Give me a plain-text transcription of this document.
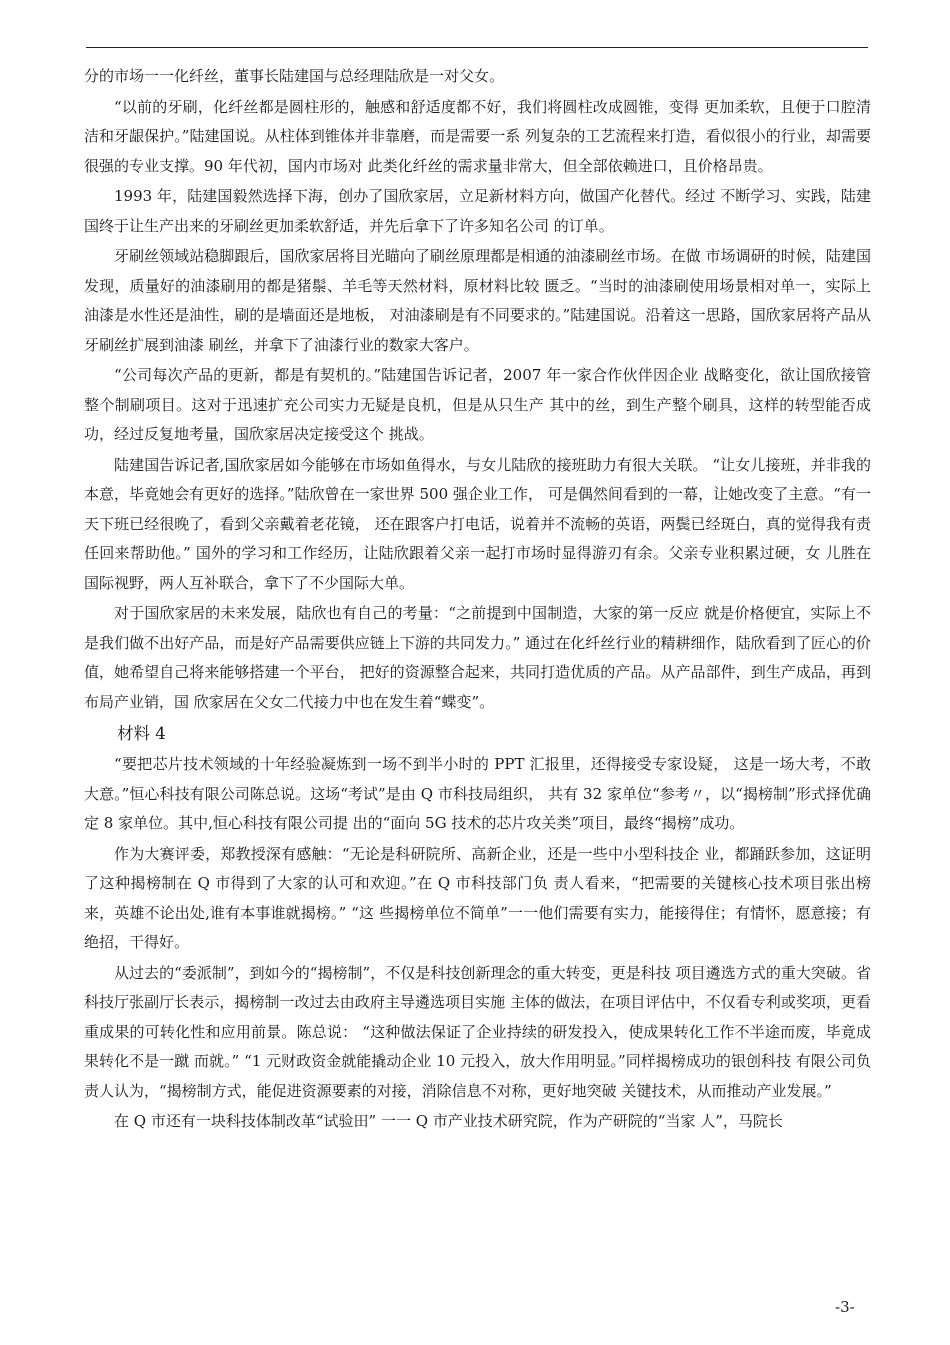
分的市场一一化纤丝，董事长陆建国与总经理陆欣是一对父女。

“以前的牙刷，化纤丝都是圆柱形的，触感和舒适度都不好，我们将圆柱改成圆锥，变得 更加柔软，且便于口腔清洁和牙龈保护。”陆建国说。从柱体到锥体并非靠磨，而是需要一系 列复杂的工艺流程来打造，看似很小的行业，却需要很强的专业支撑。90 年代初，国内市场对 此类化纤丝的需求量非常大，但全部依赖进口，且价格昂贵。

1993 年，陆建国毅然选择下海，创办了国欣家居，立足新材料方向，做国产化替代。经过 不断学习、实践，陆建国终于让生产出来的牙刷丝更加柔软舒适，并先后拿下了许多知名公司 的订单。

牙刷丝领域站稳脚跟后，国欣家居将目光瞄向了刷丝原理都是相通的油漆刷丝市场。在做 市场调研的时候，陆建国发现，质量好的油漆刷用的都是猪鬃、羊毛等天然材料，原材料比较 匮乏。“当时的油漆刷使用场景相对单一，实际上油漆是水性还是油性，刷的是墙面还是地板， 对油漆刷是有不同要求的。”陆建国说。沿着这一思路，国欣家居将产品从牙刷丝扩展到油漆 刷丝，并拿下了油漆行业的数家大客户。

“公司每次产品的更新，都是有契机的。”陆建国告诉记者，2007 年一家合作伙伴因企业 战略变化，欲让国欣接管整个制刷项目。这对于迅速扩充公司实力无疑是良机，但是从只生产 其中的丝，到生产整个刷具，这样的转型能否成功，经过反复地考量，国欣家居决定接受这个 挑战。

陆建国告诉记者,国欣家居如今能够在市场如鱼得水，与女儿陆欣的接班助力有很大关联。 “让女儿接班，并非我的本意，毕竟她会有更好的选择。”陆欣曾在一家世界 500 强企业工作， 可是偶然间看到的一幕，让她改变了主意。“有一天下班已经很晚了，看到父亲戴着老花镜， 还在跟客户打电话，说着并不流畅的英语，两鬓已经斑白，真的觉得我有责任回来帮助他。” 国外的学习和工作经历，让陆欣跟着父亲一起打市场时显得游刃有余。父亲专业积累过硬，女 儿胜在国际视野，两人互补联合，拿下了不少国际大单。

对于国欣家居的未来发展，陆欣也有自己的考量：“之前提到中国制造，大家的第一反应 就是价格便宜，实际上不是我们做不出好产品，而是好产品需要供应链上下游的共同发力。” 通过在化纤丝行业的精耕细作，陆欣看到了匠心的价值，她希望自己将来能够搭建一个平台， 把好的资源整合起来，共同打造优质的产品。从产品部件，到生产成品，再到布局产业销，国 欣家居在父女二代接力中也在发生着“蝶变”。

材料 4

“要把芯片技术领域的十年经验凝炼到一场不到半小时的 PPT 汇报里，还得接受专家设疑， 这是一场大考，不敢大意。”恒心科技有限公司陈总说。这场“考试”是由 Q 市科技局组织， 共有 32 家单位“参考〃，以“揭榜制”形式择优确定 8 家单位。其中,恒心科技有限公司提 出的“面向 5G 技术的芯片攻关类”项目，最终“揭榜”成功。

作为大赛评委，郑教授深有感触：“无论是科研院所、高新企业，还是一些中小型科技企 业，都踊跃参加，这证明了这种揭榜制在 Q 市得到了大家的认可和欢迎。”在 Q 市科技部门负 责人看来，“把需要的关键核心技术项目张出榜来，英雄不论出处,谁有本事谁就揭榜。” “这 些揭榜单位不简单”一一他们需要有实力，能接得住；有情怀，愿意接；有绝招，干得好。

从过去的“委派制”，到如今的“揭榜制”，不仅是科技创新理念的重大转变，更是科技 项目遴选方式的重大突破。省科技厅张副厅长表示，揭榜制一改过去由政府主导遴选项目实施 主体的做法，在项目评估中，不仅看专利或奖项，更看重成果的可转化性和应用前景。陈总说： “这种做法保证了企业持续的研发投入，使成果转化工作不半途而废，毕竟成果转化不是一蹴 而就。” “1 元财政资金就能撬动企业 10 元投入，放大作用明显。”同样揭榜成功的银创科技 有限公司负责人认为，“揭榜制方式，能促进资源要素的对接，消除信息不对称，更好地突破 关键技术，从而推动产业发展。”

在 Q 市还有一块科技体制改革“试验田” 一一 Q 市产业技术研究院，作为产研院的“当家 人”，马院长

-3-
